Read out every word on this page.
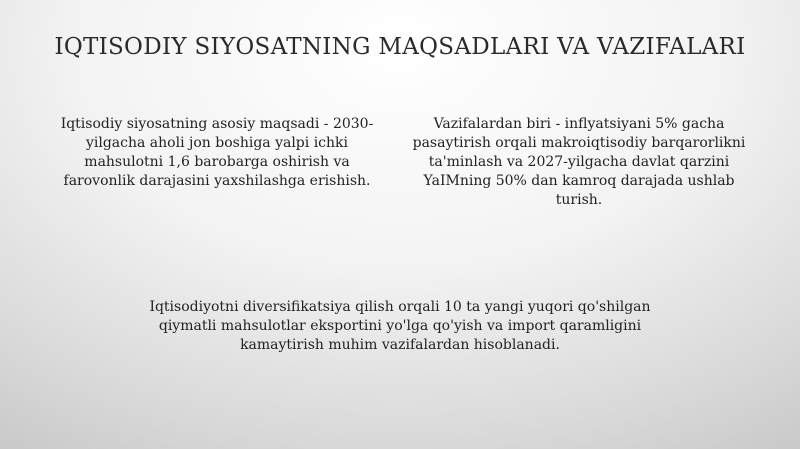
IQTISODIY SIYOSATNING MAQSADLARI VA VAZIFALARI
Iqtisodiy siyosatning asosiy maqsadi - 2030-yilgacha aholi jon boshiga yalpi ichki mahsulotni 1,6 barobarga oshirish va farovonlik darajasini yaxshilashga erishish.
Vazifalardan biri - inflyatsiyani 5% gacha pasaytirish orqali makroiqtisodiy barqarorlikni ta'minlash va 2027-yilgacha davlat qarzini YaIMning 50% dan kamroq darajada ushlab turish.
Iqtisodiyotni diversifikatsiya qilish orqali 10 ta yangi yuqori qo'shilgan qiymatli mahsulotlar eksportini yo'lga qo'yish va import qaramligini kamaytirish muhim vazifalardan hisoblanadi.
